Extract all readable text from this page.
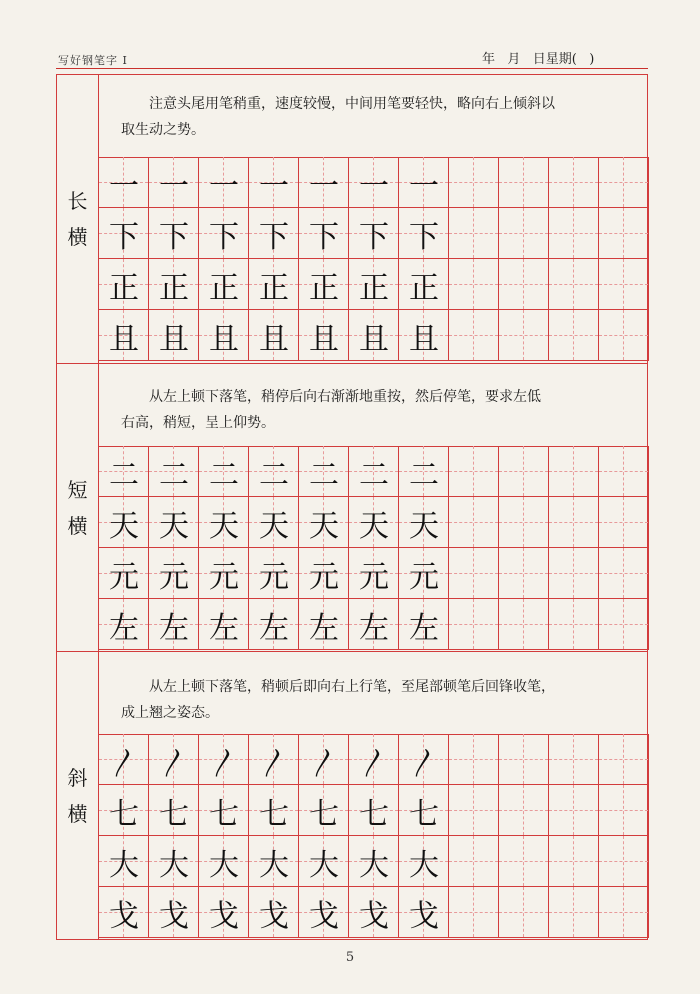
写好钢笔字 I	年   月   日星期(   )
长
横
注意头尾用笔稍重，速度较慢，中间用笔要轻快，略向右上倾斜以
取生动之势。
一 一 一 一 一 一 一
下 下 下 下 下 下 下
正 正 正 正 正 正 正
且 且 且 且 且 且 且
短
横
从左上顿下落笔，稍停后向右渐渐地重按，然后停笔，要求左低
右高，稍短，呈上仰势。
二 二 二 二 二 二 二
天 天 天 天 天 天 天
元 元 元 元 元 元 元
左 左 左 左 左 左 左
斜
横
从左上顿下落笔，稍顿后即向右上行笔，至尾部顿笔后回锋收笔，
成上翘之姿态。
〳 〳 〳 〳 〳 〳 〳
七 七 七 七 七 七 七
大 大 大 大 大 大 大
戈 戈 戈 戈 戈 戈 戈
5
